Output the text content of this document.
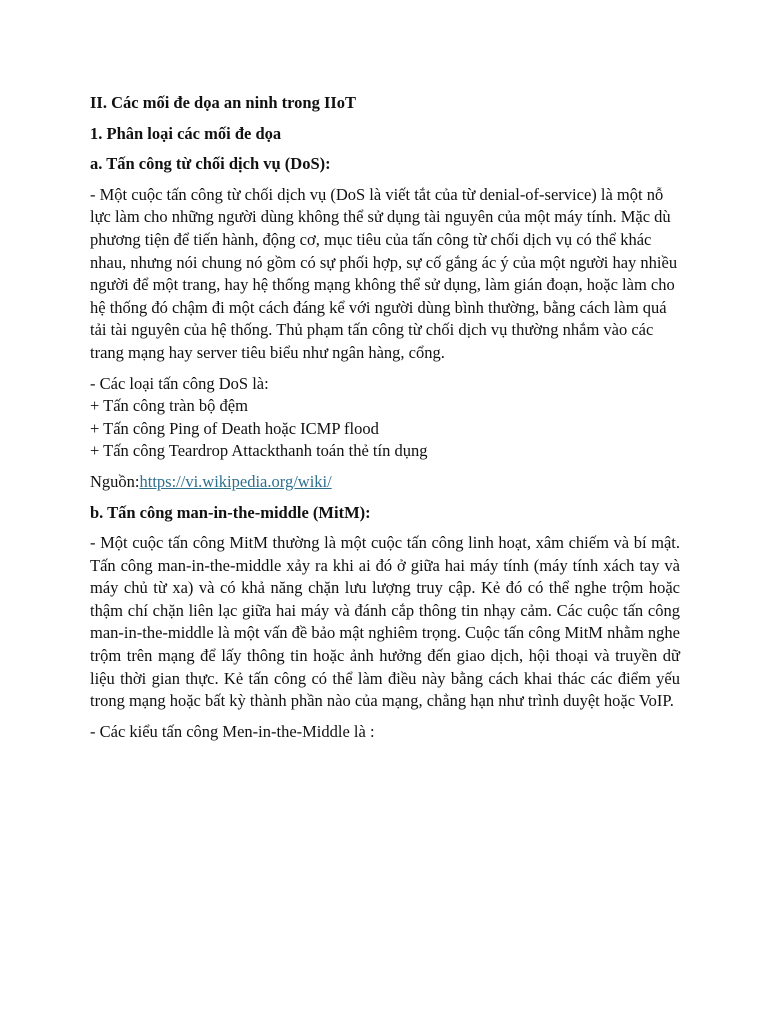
II. Các mối đe dọa an ninh trong IIoT

1. Phân loại các mối đe dọa

a. Tấn công từ chối dịch vụ (DoS):

- Một cuộc tấn công từ chối dịch vụ (DoS là viết tắt của từ denial-of-service) là một nỗ lực làm cho những người dùng không thể sử dụng tài nguyên của một máy tính. Mặc dù phương tiện để tiến hành, động cơ, mục tiêu của tấn công từ chối dịch vụ có thể khác nhau, nhưng nói chung nó gồm có sự phối hợp, sự cố gắng ác ý của một người hay nhiều người để một trang, hay hệ thống mạng không thể sử dụng, làm gián đoạn, hoặc làm cho hệ thống đó chậm đi một cách đáng kể với người dùng bình thường, bằng cách làm quá tải tài nguyên của hệ thống. Thủ phạm tấn công từ chối dịch vụ thường nhắm vào các trang mạng hay server tiêu biểu như ngân hàng, cổng.

- Các loại tấn công DoS là:
+ Tấn công tràn bộ đệm
+ Tấn công Ping of Death hoặc ICMP flood
+ Tấn công Teardrop Attackthanh toán thẻ tín dụng

Nguồn:https://vi.wikipedia.org/wiki/

b. Tấn công man-in-the-middle (MitM):

- Một cuộc tấn công MitM thường là một cuộc tấn công linh hoạt, xâm chiếm và bí mật. Tấn công man-in-the-middle xảy ra khi ai đó ở giữa hai máy tính (máy tính xách tay và máy chủ từ xa) và có khả năng chặn lưu lượng truy cập. Kẻ đó có thể nghe trộm hoặc thậm chí chặn liên lạc giữa hai máy và đánh cắp thông tin nhạy cảm. Các cuộc tấn công man-in-the-middle là một vấn đề bảo mật nghiêm trọng. Cuộc tấn công MitM nhằm nghe trộm trên mạng để lấy thông tin hoặc ảnh hưởng đến giao dịch, hội thoại và truyền dữ liệu thời gian thực. Kẻ tấn công có thể làm điều này bằng cách khai thác các điểm yếu trong mạng hoặc bất kỳ thành phần nào của mạng, chẳng hạn như trình duyệt hoặc VoIP.

- Các kiểu tấn công Men-in-the-Middle là :
